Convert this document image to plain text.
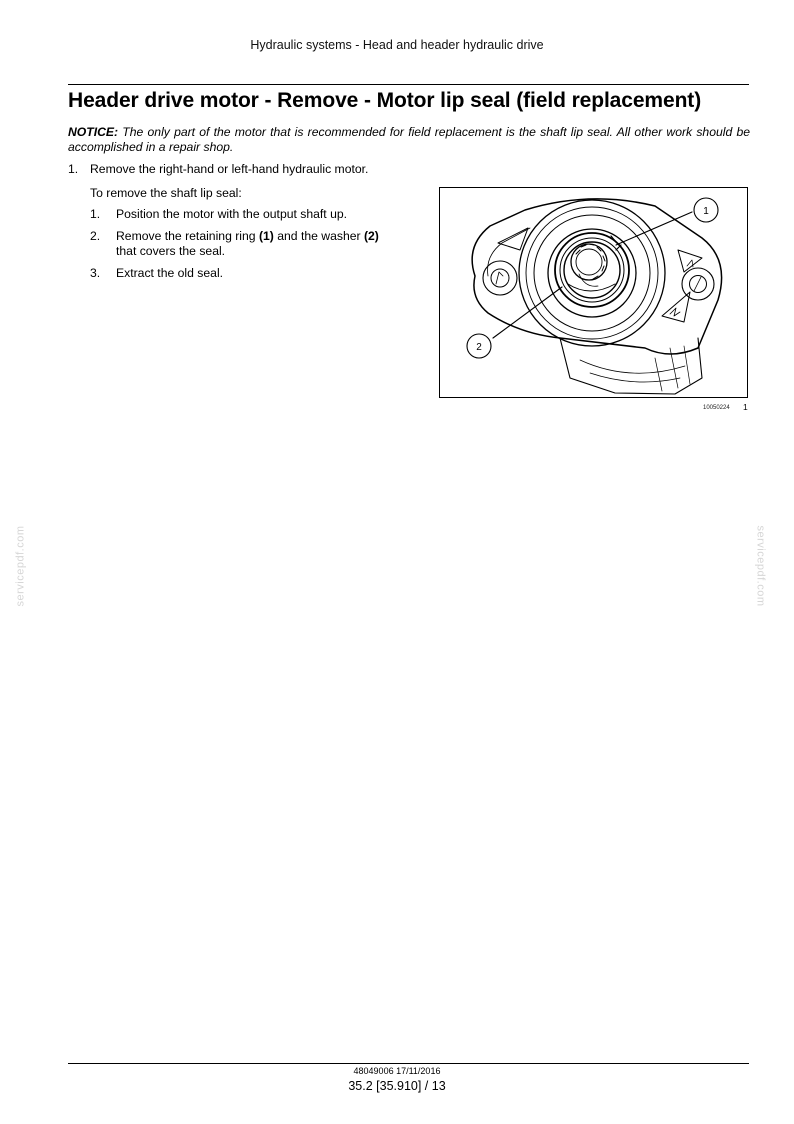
Hydraulic systems - Head and header hydraulic drive
Header drive motor - Remove - Motor lip seal (field replacement)
NOTICE: The only part of the motor that is recommended for field replacement is the shaft lip seal. All other work should be accomplished in a repair shop.
1. Remove the right-hand or left-hand hydraulic motor.
To remove the shaft lip seal:
1. Position the motor with the output shaft up.
2. Remove the retaining ring (1) and the washer (2)
that covers the seal.
3. Extract the old seal.
1
2
10050224 1
servicepdf.com	servicepdf.com
48049006 17/11/2016
35.2 [35.910] / 13
